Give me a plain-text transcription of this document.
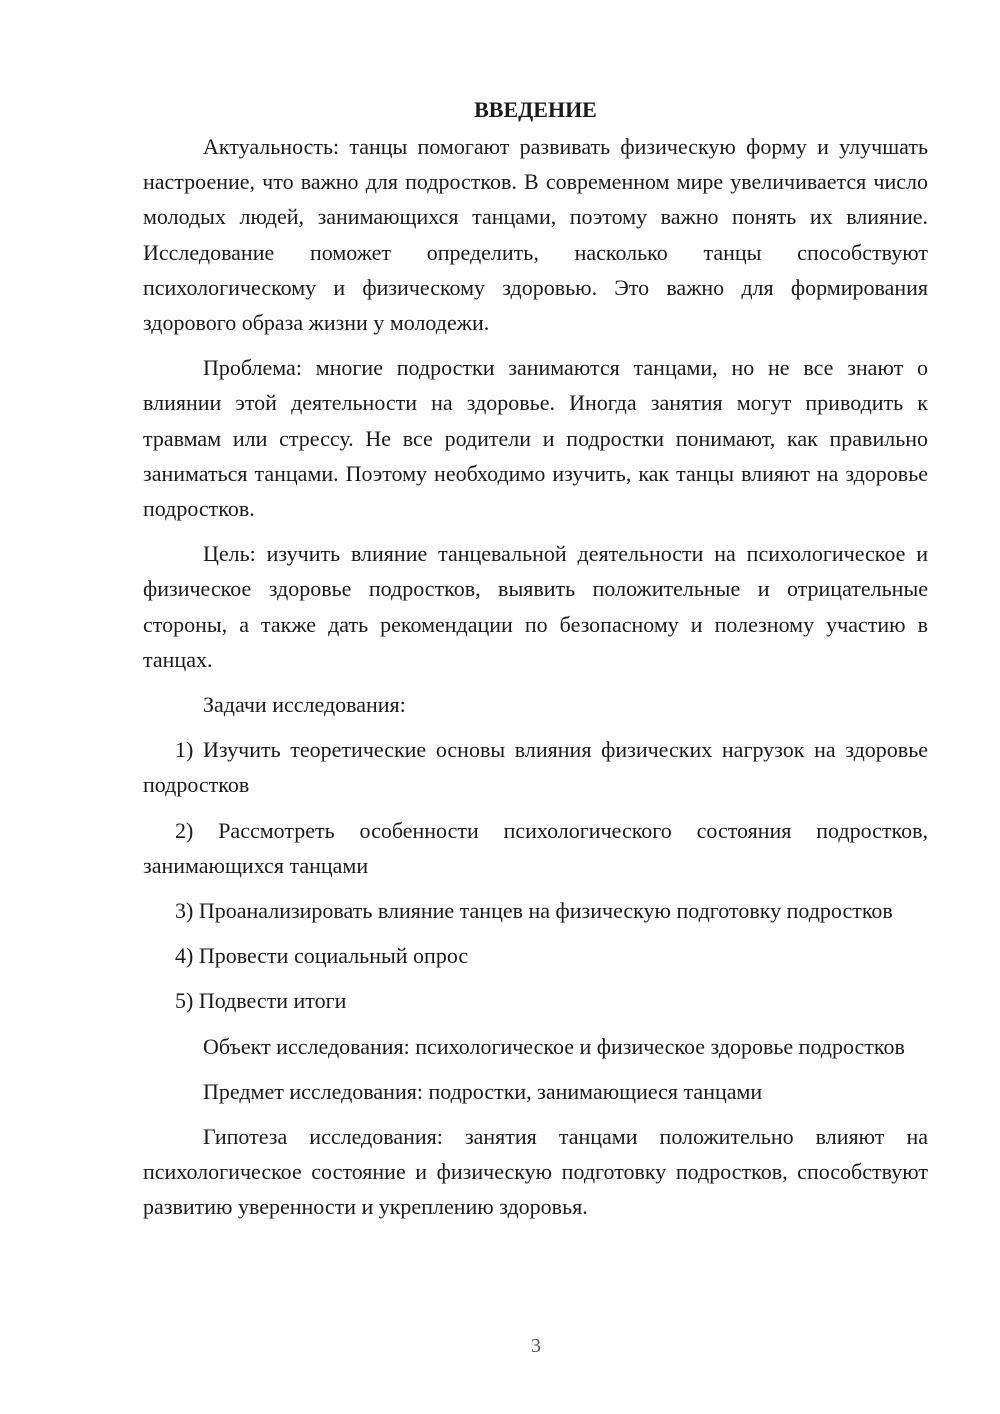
ВВЕДЕНИЕ

Актуальность: танцы помогают развивать физическую форму и улучшать настроение, что важно для подростков. В современном мире увеличивается число молодых людей, занимающихся танцами, поэтому важно понять их влияние. Исследование поможет определить, насколько танцы способствуют психологическому и физическому здоровью. Это важно для формирования здорового образа жизни у молодежи.

Проблема: многие подростки занимаются танцами, но не все знают о влиянии этой деятельности на здоровье. Иногда занятия могут приводить к травмам или стрессу. Не все родители и подростки понимают, как правильно заниматься танцами. Поэтому необходимо изучить, как танцы влияют на здоровье подростков.

Цель: изучить влияние танцевальной деятельности на психологическое и физическое здоровье подростков, выявить положительные и отрицательные стороны, а также дать рекомендации по безопасному и полезному участию в танцах.

Задачи исследования:

1) Изучить теоретические основы влияния физических нагрузок на здоровье подростков

2) Рассмотреть особенности психологического состояния подростков, занимающихся танцами

3) Проанализировать влияние танцев на физическую подготовку подростков

4) Провести социальный опрос

5) Подвести итоги

Объект исследования: психологическое и физическое здоровье подростков

Предмет исследования: подростки, занимающиеся танцами

Гипотеза исследования: занятия танцами положительно влияют на психологическое состояние и физическую подготовку подростков, способствуют развитию уверенности и укреплению здоровья.

3
